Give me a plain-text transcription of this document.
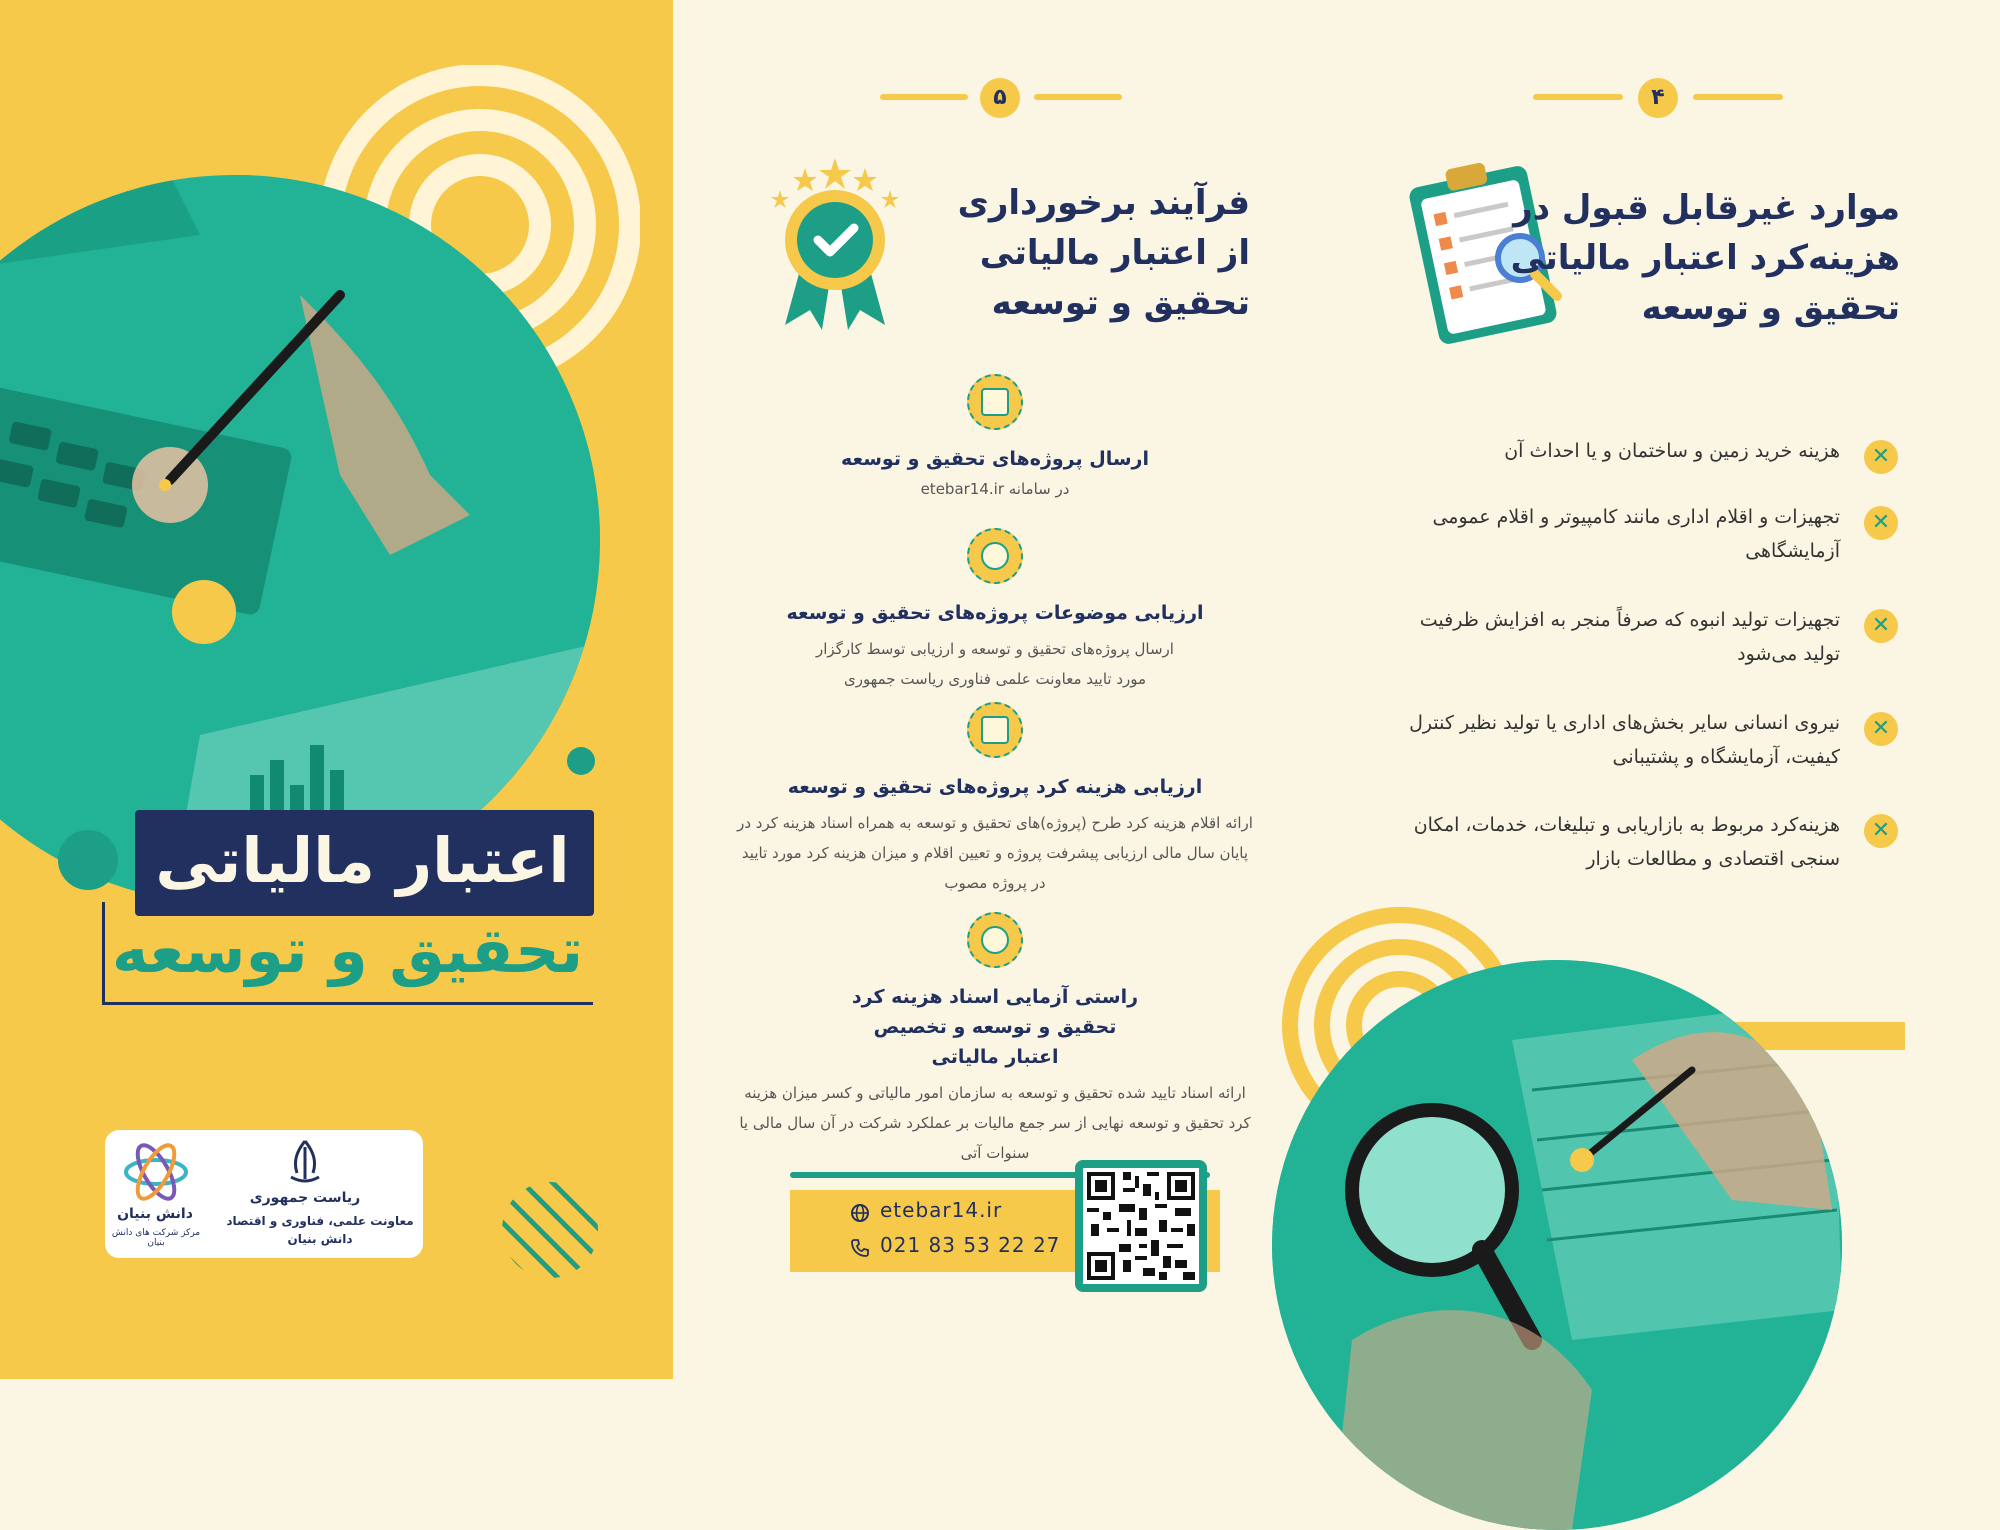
اعتبار مالیاتی
تحقیق و توسعه
ریاست جمهوری
معاونت علمی، فناوری و اقتصاد دانش بنیان
دانش بنیان
مرکز شرکت های دانش بنیان
۵
فرآیند برخورداری
از اعتبار مالیاتی
تحقیق و توسعه
ارسال پروژه‌های تحقیق و توسعه
در سامانه etebar14.ir
ارزیابی موضوعات پروژه‌های تحقیق و توسعه
ارسال پروژه‌های تحقیق و توسعه و ارزیابی توسط کارگزار مورد تایید معاونت علمی فناوری ریاست جمهوری
ارزیابی هزینه کرد پروژه‌های تحقیق و توسعه
ارائه اقلام هزینه کرد طرح (پروژه)های تحقیق و توسعه به همراه اسناد هزینه کرد در پایان سال مالی ارزیابی پیشرفت پروژه و تعیین اقلام و میزان هزینه کرد مورد تایید در پروژه مصوب
راستی آزمایی اسناد هزینه کرد تحقیق و توسعه و تخصیص اعتبار مالیاتی
ارائه اسناد تایید شده تحقیق و توسعه به سازمان امور مالیاتی و کسر میزان هزینه کرد تحقیق و توسعه نهایی از سر جمع مالیات بر عملکرد شرکت در آن سال مالی یا سنوات آتی
etebar14.ir
021 83 53 22 27
۴
موارد غیرقابل قبول در
هزینه‌کرد اعتبار مالیاتی
تحقیق و توسعه
✕
هزینه خرید زمین و ساختمان و یا احداث آن
✕
تجهیزات و اقلام اداری مانند کامپیوتر و اقلام عمومی آزمایشگاهی
✕
تجهیزات تولید انبوه که صرفاً منجر به افزایش ظرفیت تولید می‌شود
✕
نیروی انسانی سایر بخش‌های اداری یا تولید نظیر کنترل کیفیت، آزمایشگاه و پشتیبانی
✕
هزینه‌کرد مربوط به بازاریابی و تبلیغات، خدمات، امکان سنجی اقتصادی و مطالعات بازار
